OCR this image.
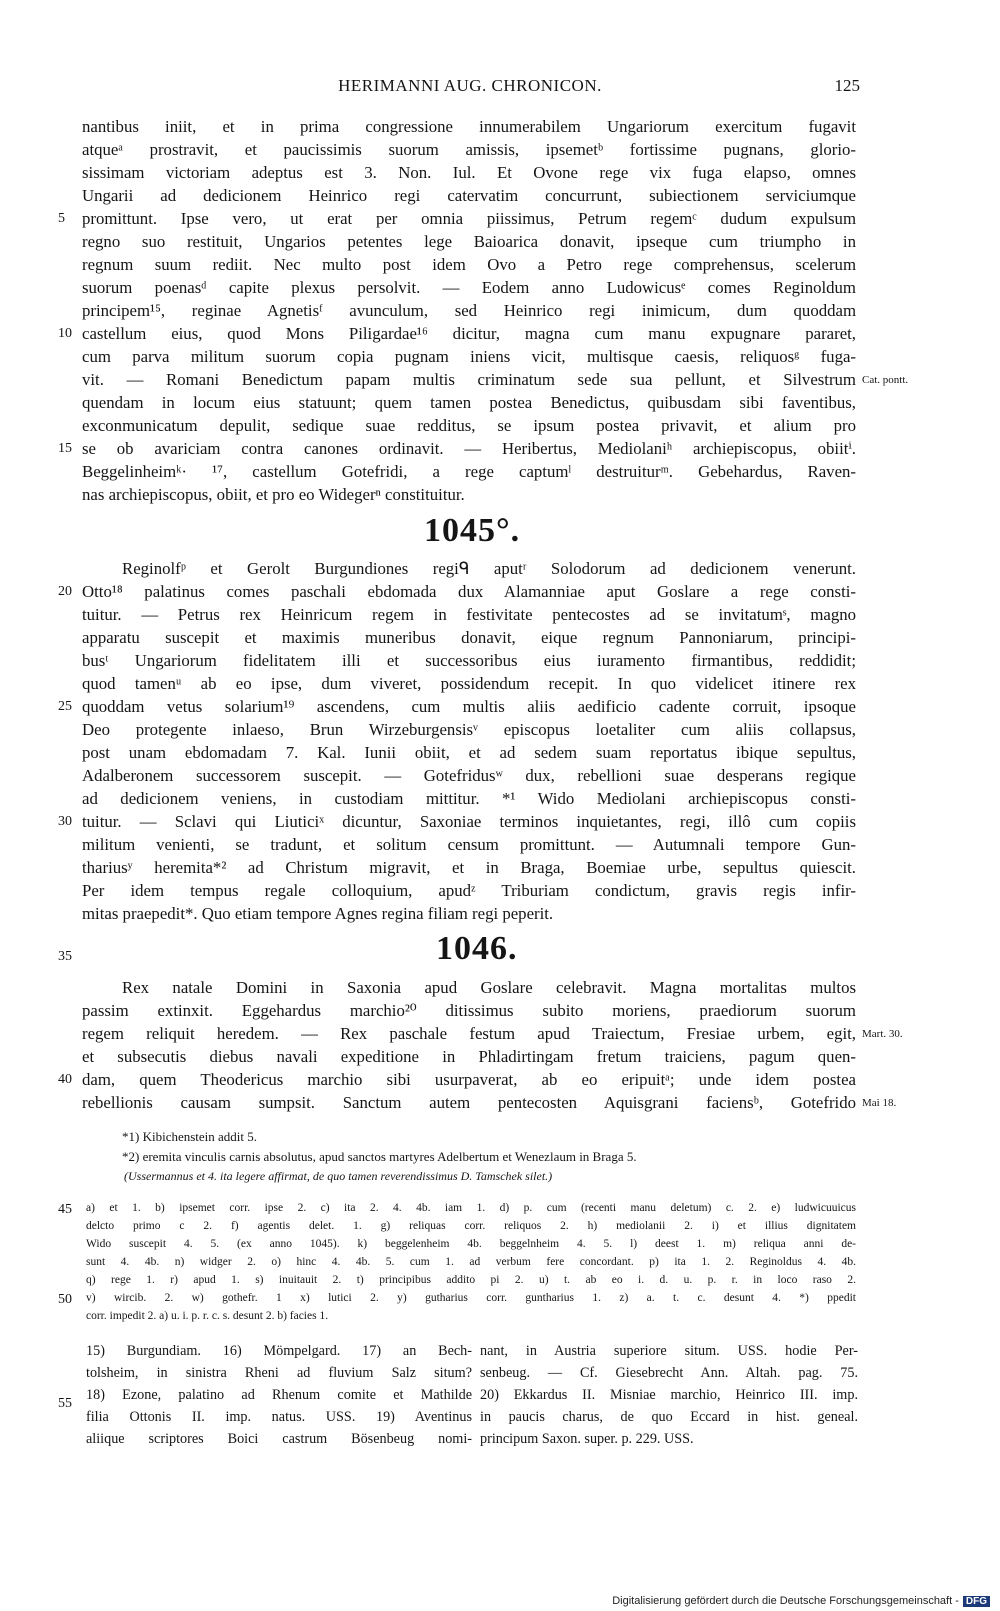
HERIMANNI AUG. CHRONICON.	125
nantibus iniit, et in prima congressione innumerabilem Ungariorum exercitum fugavit
atqueᵃ prostravit, et paucissimis suorum amissis, ipsemetᵇ fortissime pugnans, glorio-
sissimam victoriam adeptus est 3. Non. Iul. Et Ovone rege vix fuga elapso, omnes
Ungarii ad dedicionem Heinrico regi catervatim concurrunt, subiectionem serviciumque
promittunt. Ipse vero, ut erat per omnia piissimus, Petrum regemᶜ dudum expulsum
regno suo restituit, Ungarios petentes lege Baioarica donavit, ipseque cum triumpho in
regnum suum rediit. Nec multo post idem Ovo a Petro rege comprehensus, scelerum
suorum poenasᵈ capite plexus persolvit. — Eodem anno Ludowicusᵉ comes Reginoldum
principem¹⁵, reginae Agnetisᶠ avunculum, sed Heinrico regi inimicum, dum quoddam
castellum eius, quod Mons Piligardae¹⁶ dicitur, magna cum manu expugnare pararet,
cum parva militum suorum copia pugnam iniens vicit, multisque caesis, reliquosᵍ fuga-
vit. — Romani Benedictum papam multis criminatum sede sua pellunt, et Silvestrum
quendam in locum eius statuunt; quem tamen postea Benedictus, quibusdam sibi faventibus,
exconmunicatum depulit, sedique suae redditus, se ipsum postea privavit, et alium pro
se ob avariciam contra canones ordinavit. — Heribertus, Mediolaniʰ archiepiscopus, obiitⁱ.
Beggelinheimᵏ· ¹⁷, castellum Gotefridi, a rege captumˡ destruiturᵐ. Gebehardus, Raven-
nas archiepiscopus, obiit, et pro eo Widegerⁿ constituitur.
1045°.
Reginolfᵖ et Gerolt Burgundiones regiᑫ aputʳ Solodorum ad dedicionem venerunt.
Otto¹⁸ palatinus comes paschali ebdomada dux Alamanniae aput Goslare a rege consti-
tuitur. — Petrus rex Heinricum regem in festivitate pentecostes ad se invitatumˢ, magno
apparatu suscepit et maximis muneribus donavit, eique regnum Pannoniarum, principi-
busᵗ Ungariorum fidelitatem illi et successoribus eius iuramento firmantibus, reddidit;
quod tamenᵘ ab eo ipse, dum viveret, possidendum recepit. In quo videlicet itinere rex
quoddam vetus solarium¹⁹ ascendens, cum multis aliis aedificio cadente corruit, ipsoque
Deo protegente inlaeso, Brun Wirzeburgensisᵛ episcopus loetaliter cum aliis collapsus,
post unam ebdomadam 7. Kal. Iunii obiit, et ad sedem suam reportatus ibique sepultus,
Adalberonem successorem suscepit. — Gotefridusʷ dux, rebellioni suae desperans regique
ad dedicionem veniens, in custodiam mittitur. *¹ Wido Mediolani archiepiscopus consti-
tuitur. — Sclavi qui Liuticiˣ dicuntur, Saxoniae terminos inquietantes, regi, illô cum copiis
militum venienti, se tradunt, et solitum censum promittunt. — Autumnali tempore Gun-
thariusʸ heremita*² ad Christum migravit, et in Braga, Boemiae urbe, sepultus quiescit.
Per idem tempus regale colloquium, apudᶻ Triburiam condictum, gravis regis infir-
mitas praepedit*. Quo etiam tempore Agnes regina filiam regi peperit.
1046.
Rex natale Domini in Saxonia apud Goslare celebravit. Magna mortalitas multos
passim extinxit. Eggehardus marchio²⁰ ditissimus subito moriens, praediorum suorum
regem reliquit heredem. — Rex paschale festum apud Traiectum, Fresiae urbem, egit,
et subsecutis diebus navali expeditione in Phladirtingam fretum traiciens, pagum quen-
dam, quem Theodericus marchio sibi usurpaverat, ab eo eripuitᵃ; unde idem postea
rebellionis causam sumpsit. Sanctum autem pentecosten Aquisgrani faciensᵇ, Gotefrido
5
10
15
20
25
30
35
40
45
50
55
Cat. pontt.
Mart. 30.
Mai 18.
*1) Kibichenstein addit 5.
*2) eremita vinculis carnis absolutus, apud sanctos martyres Adelbertum et Wenezlaum in Braga 5.
(Ussermannus et 4. ita legere affirmat, de quo tamen reverendissimus D. Tamschek silet.)
a) et 1. b) ipsemet corr. ipse 2. c) ita 2. 4. 4b. iam 1. d) p. cum (recenti manu deletum) c. 2. e) ludwicuuicus
delcto primo c 2. f) agentis delet. 1. g) reliquas corr. reliquos 2. h) mediolanii 2. i) et illius dignitatem
Wido suscepit 4. 5. (ex anno 1045). k) beggelenheim 4b. beggelnheim 4. 5. l) deest 1. m) reliqua anni de-
sunt 4. 4b. n) widger 2. o) hinc 4. 4b. 5. cum 1. ad verbum fere concordant. p) ita 1. 2. Reginoldus 4. 4b.
q) rege 1. r) apud 1. s) inuitauit 2. t) principibus addito pi 2. u) t. ab eo i. d. u. p. r. in loco raso 2.
v) wircib. 2. w) gothefr. 1 x) lutici 2. y) gutharius corr. guntharius 1. z) a. t. c. desunt 4. *) ppedit
corr. impedit 2. a) u. i. p. r. c. s. desunt 2. b) facies 1.
15) Burgundiam. 16) Mömpelgard. 17) an Bech-
tolsheim, in sinistra Rheni ad fluvium Salz situm?
18) Ezone, palatino ad Rhenum comite et Mathilde
filia Ottonis II. imp. natus. USS. 19) Aventinus
aliique scriptores Boici castrum Bösenbeug nomi-
nant, in Austria superiore situm. USS. hodie Per-
senbeug. — Cf. Giesebrecht Ann. Altah. pag. 75.
20) Ekkardus II. Misniae marchio, Heinrico III. imp.
in paucis charus, de quo Eccard in hist. geneal.
principum Saxon. super. p. 229. USS.
Digitalisierung gefördert durch die Deutsche Forschungsgemeinschaft - DFG
